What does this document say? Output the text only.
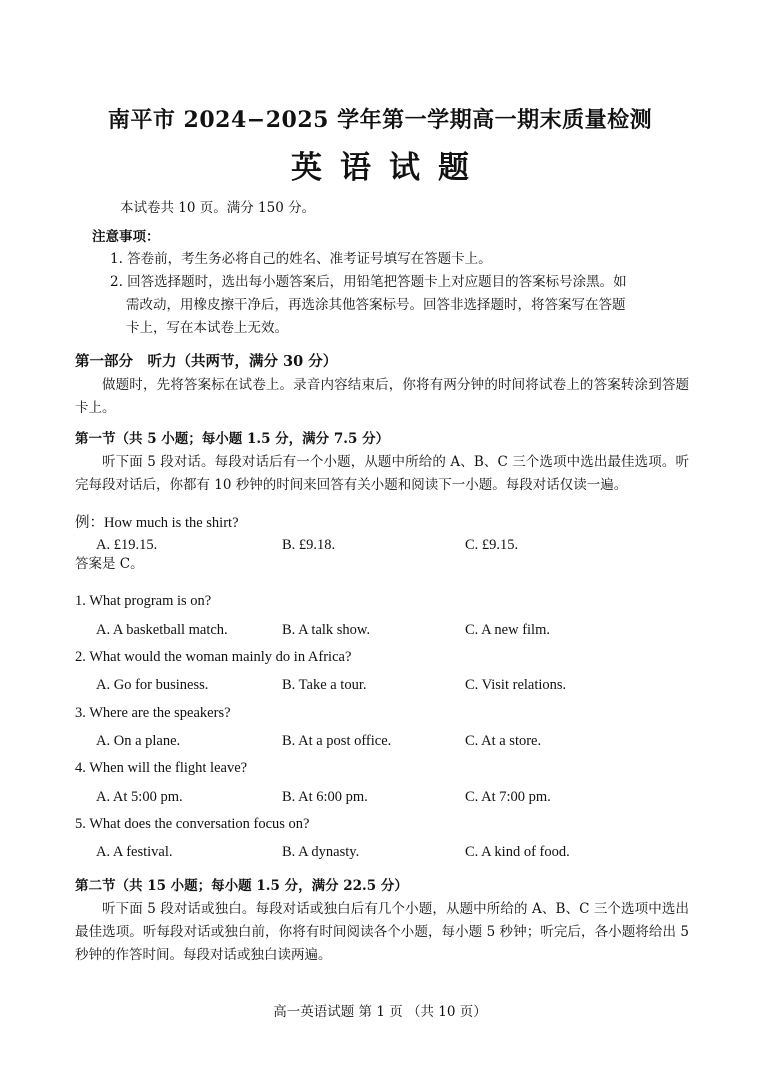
南平市 2024−2025 学年第一学期高一期末质量检测
英语试题
本试卷共 10 页。满分 150 分。
注意事项：
1. 答卷前，考生务必将自己的姓名、准考证号填写在答题卡上。
2. 回答选择题时，选出每小题答案后，用铅笔把答题卡上对应题目的答案标号涂黑。如
需改动，用橡皮擦干净后，再选涂其他答案标号。回答非选择题时，将答案写在答题
卡上，写在本试卷上无效。
第一部分　听力（共两节，满分 30 分）
做题时，先将答案标在试卷上。录音内容结束后，你将有两分钟的时间将试卷上的答案转涂到答题卡上。
第一节（共 5 小题；每小题 1.5 分，满分 7.5 分）
听下面 5 段对话。每段对话后有一个小题，从题中所给的 A、B、C 三个选项中选出最佳选项。听完每段对话后，你都有 10 秒钟的时间来回答有关小题和阅读下一小题。每段对话仅读一遍。
例：How much is the shirt?
A. £19.15.	B. £9.18.	C. £9.15.
答案是 C。
1. What program is on?
A. A basketball match.	B. A talk show.	C. A new film.
2. What would the woman mainly do in Africa?
A. Go for business.	B. Take a tour.	C. Visit relations.
3. Where are the speakers?
A. On a plane.	B. At a post office.	C. At a store.
4. When will the flight leave?
A. At 5:00 pm.	B. At 6:00 pm.	C. At 7:00 pm.
5. What does the conversation focus on?
A. A festival.	B. A dynasty.	C. A kind of food.
第二节（共 15 小题；每小题 1.5 分，满分 22.5 分）
听下面 5 段对话或独白。每段对话或独白后有几个小题，从题中所给的 A、B、C 三个选项中选出最佳选项。听每段对话或独白前，你将有时间阅读各个小题，每小题 5 秒钟；听完后，各小题将给出 5 秒钟的作答时间。每段对话或独白读两遍。
高一英语试题 第 1 页 （共 10 页）
